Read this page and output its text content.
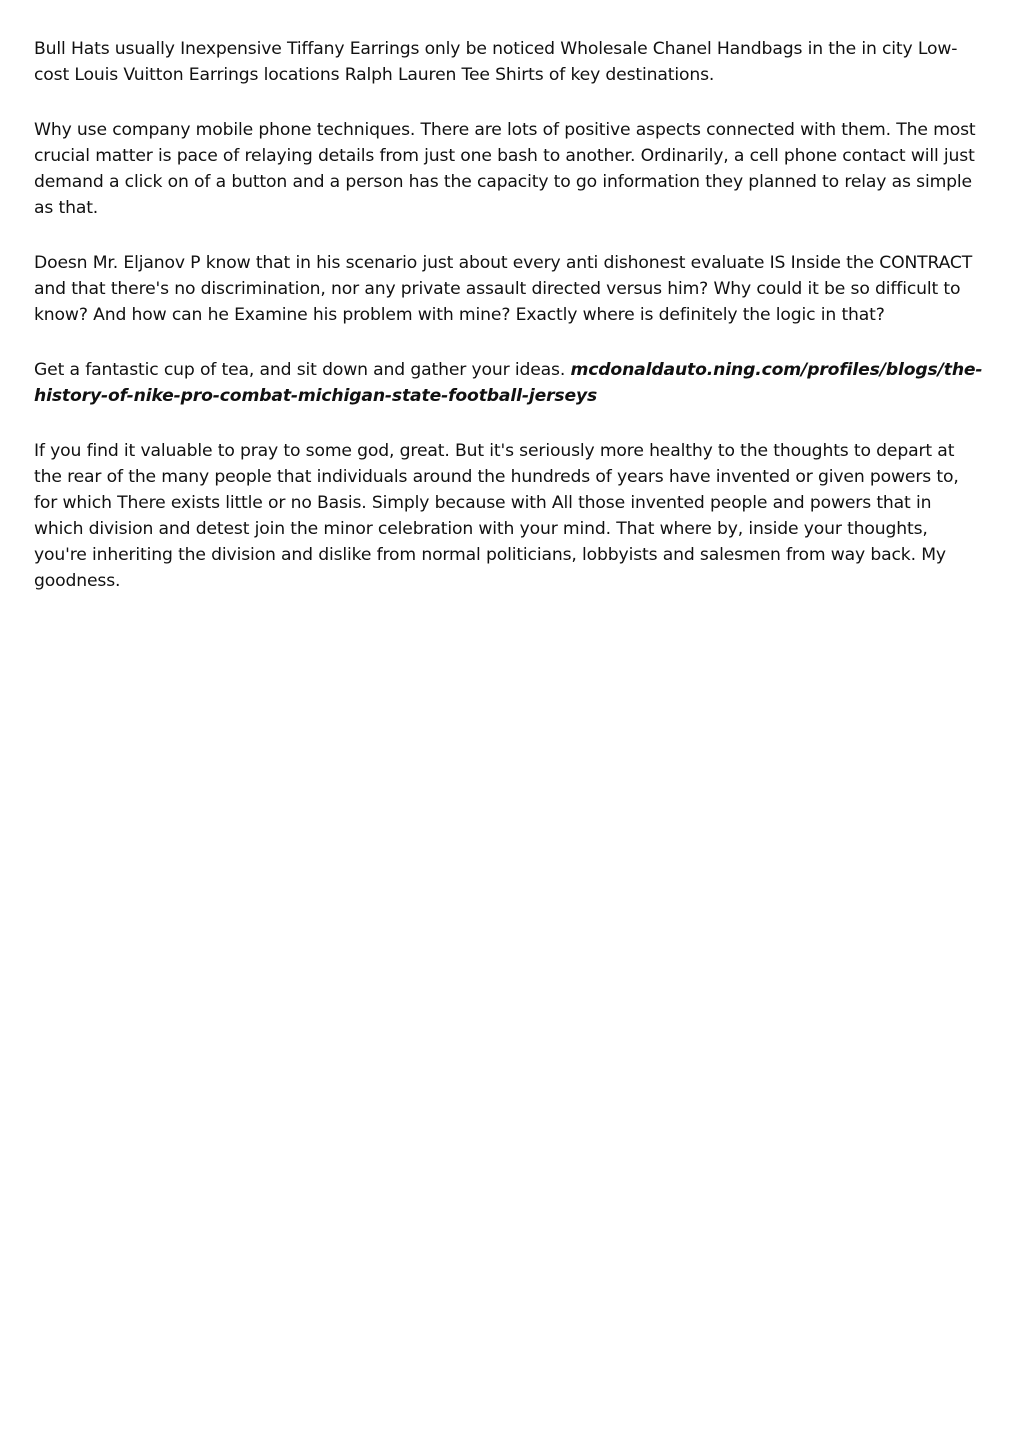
Bull Hats usually Inexpensive Tiffany Earrings only be noticed Wholesale Chanel Handbags in the in city Low-cost Louis Vuitton Earrings locations Ralph Lauren Tee Shirts of key destinations.

Why use company mobile phone techniques. There are lots of positive aspects connected with them. The most crucial matter is pace of relaying details from just one bash to another. Ordinarily, a cell phone contact will just demand a click on of a button and a person has the capacity to go information they planned to relay as simple as that.

Doesn Mr. Eljanov P know that in his scenario just about every anti dishonest evaluate IS Inside the CONTRACT and that there's no discrimination, nor any private assault directed versus him? Why could it be so difficult to know? And how can he Examine his problem with mine? Exactly where is definitely the logic in that?

Get a fantastic cup of tea, and sit down and gather your ideas. mcdonaldauto.ning.com/profiles/blogs/the-history-of-nike-pro-combat-michigan-state-football-jerseys

If you find it valuable to pray to some god, great. But it's seriously more healthy to the thoughts to depart at the rear of the many people that individuals around the hundreds of years have invented or given powers to, for which There exists little or no Basis. Simply because with All those invented people and powers that in which division and detest join the minor celebration with your mind. That where by, inside your thoughts, you're inheriting the division and dislike from normal politicians, lobbyists and salesmen from way back. My goodness.
